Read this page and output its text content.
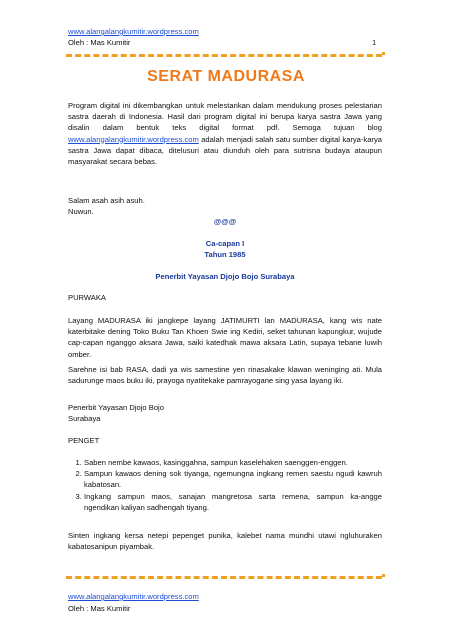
www.alangalangkumitir.wordpress.com
Oleh : Mas Kumitir	1
SERAT MADURASA
Program digital ini dikembangkan untuk melestarikan dalam mendukung proses pelestarian sastra daerah di Indonesia. Hasil dari program digital ini berupa karya sastra Jawa yang disalin dalam bentuk teks digital format pdf. Semoga tujuan blog www.alangalangkumitir.wordpress.com adalah menjadi salah satu sumber digital karya-karya sastra Jawa dapat dibaca, ditelusuri atau diunduh oleh para sutrisna budaya ataupun masyarakat secara bebas.
Salam asah asih asuh.
Nuwun.
@@@
Ca-capan I
Tahun 1985
Penerbit Yayasan Djojo Bojo Surabaya
PURWAKA
Layang MADURASA iki jangkepe layang JATIMURTI lan MADURASA, kang wis nate katerbitake dening Toko Buku Tan Khoen Swie ing Kediri, seket tahunan kapungkur, wujude cap-capan nganggo aksara Jawa, saiki katedhak mawa aksara Latin, supaya tebane luwih omber.
Sarehne isi bab RASA, dadi ya wis samestine yen rinasakake klawan weninging ati. Mula sadurunge maos buku iki, prayoga nyatitekake pamrayogane sing yasa layang iki.
Penerbit Yayasan Djojo Bojo
Surabaya
PENGET
1. Saben nembe kawaos, kasinggahna, sampun kaselehaken saenggen-enggen.
2. Sampun kawaos dening sok tiyanga, ngemungna ingkang remen saestu ngudi kawruh kabatosan.
3. Ingkang sampun maos, sanajan mangretosa sarta remena, sampun ka-angge ngendikan kaliyan sadhengah tiyang.
Sinten ingkang kersa netepi pepenget punika, kalebet nama mundhi utawi ngluhuraken kabatosanipun piyambak.
www.alangalangkumitir.wordpress.com
Oleh : Mas Kumitir
